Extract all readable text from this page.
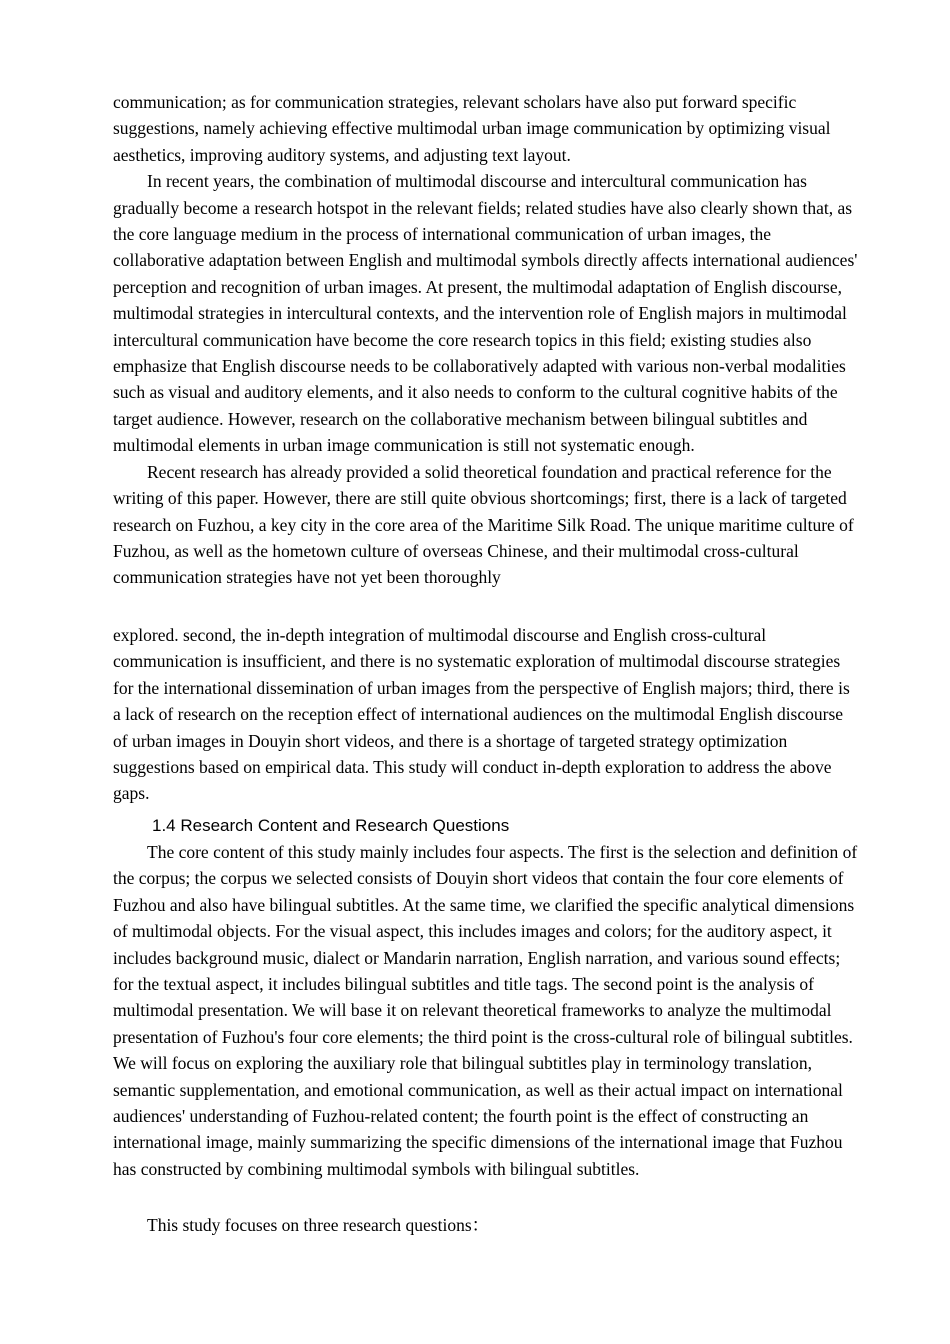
communication; as for communication strategies, relevant scholars have also put forward specific suggestions, namely achieving effective multimodal urban image communication by optimizing visual aesthetics, improving auditory systems, and adjusting text layout.

In recent years, the combination of multimodal discourse and intercultural communication has gradually become a research hotspot in the relevant fields; related studies have also clearly shown that, as the core language medium in the process of international communication of urban images, the collaborative adaptation between English and multimodal symbols directly affects international audiences' perception and recognition of urban images. At present, the multimodal adaptation of English discourse, multimodal strategies in intercultural contexts, and the intervention role of English majors in multimodal intercultural communication have become the core research topics in this field; existing studies also emphasize that English discourse needs to be collaboratively adapted with various non-verbal modalities such as visual and auditory elements, and it also needs to conform to the cultural cognitive habits of the target audience. However, research on the collaborative mechanism between bilingual subtitles and multimodal elements in urban image communication is still not systematic enough.

Recent research has already provided a solid theoretical foundation and practical reference for the writing of this paper. However, there are still quite obvious shortcomings; first, there is a lack of targeted research on Fuzhou, a key city in the core area of the Maritime Silk Road. The unique maritime culture of Fuzhou, as well as the hometown culture of overseas Chinese, and their multimodal cross-cultural communication strategies have not yet been thoroughly

explored. second, the in-depth integration of multimodal discourse and English cross-cultural communication is insufficient, and there is no systematic exploration of multimodal discourse strategies for the international dissemination of urban images from the perspective of English majors; third, there is a lack of research on the reception effect of international audiences on the multimodal English discourse of urban images in Douyin short videos, and there is a shortage of targeted strategy optimization suggestions based on empirical data. This study will conduct in-depth exploration to address the above gaps.

1.4 Research Content and Research Questions

The core content of this study mainly includes four aspects. The first is the selection and definition of the corpus; the corpus we selected consists of Douyin short videos that contain the four core elements of Fuzhou and also have bilingual subtitles. At the same time, we clarified the specific analytical dimensions of multimodal objects. For the visual aspect, this includes images and colors; for the auditory aspect, it includes background music, dialect or Mandarin narration, English narration, and various sound effects; for the textual aspect, it includes bilingual subtitles and title tags. The second point is the analysis of multimodal presentation. We will base it on relevant theoretical frameworks to analyze the multimodal presentation of Fuzhou's four core elements; the third point is the cross-cultural role of bilingual subtitles. We will focus on exploring the auxiliary role that bilingual subtitles play in terminology translation, semantic supplementation, and emotional communication, as well as their actual impact on international audiences' understanding of Fuzhou-related content; the fourth point is the effect of constructing an international image, mainly summarizing the specific dimensions of the international image that Fuzhou has constructed by combining multimodal symbols with bilingual subtitles.

This study focuses on three research questions：
